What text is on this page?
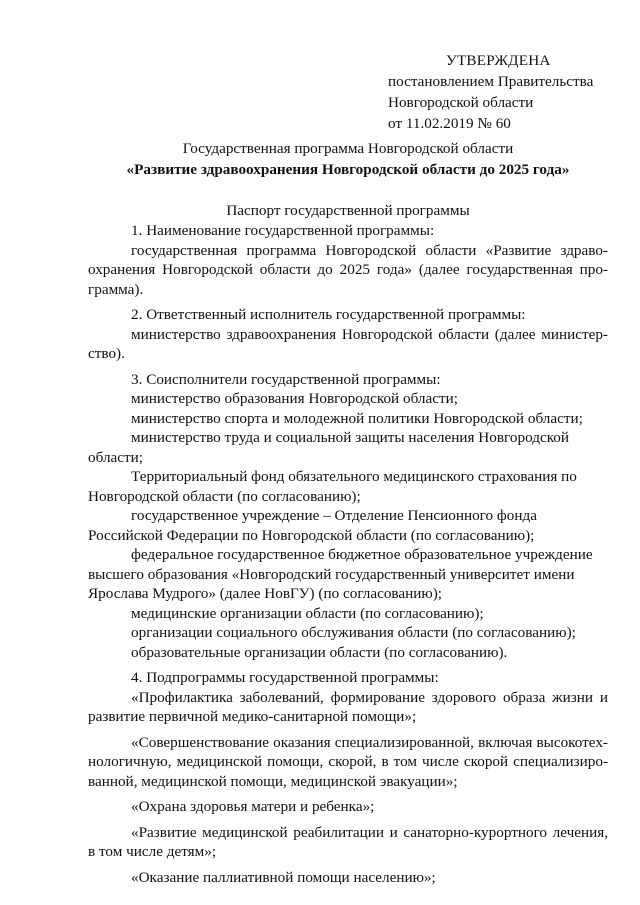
УТВЕРЖДЕНА
постановлением Правительства
Новгородской области
от 11.02.2019 № 60
Государственная программа Новгородской области
«Развитие здравоохранения Новгородской области до 2025 года»
Паспорт государственной программы

1. Наименование государственной программы:

государственная программа Новгородской области «Развитие здраво-охранения Новгородской области до 2025 года» (далее государственная про-грамма).

2. Ответственный исполнитель государственной программы:

министерство здравоохранения Новгородской области (далее министер-ство).

3. Соисполнители государственной программы:

министерство образования Новгородской области;

министерство спорта и молодежной политики Новгородской области;

министерство труда и социальной защиты населения Новгородской области;

Территориальный фонд обязательного медицинского страхования по Новгородской области (по согласованию);

государственное учреждение – Отделение Пенсионного фонда Российской Федерации по Новгородской области (по согласованию);

федеральное государственное бюджетное образовательное учреждение высшего образования «Новгородский государственный университет имени Ярослава Мудрого» (далее НовГУ) (по согласованию);

медицинские организации области (по согласованию);

организации социального обслуживания области (по согласованию);

образовательные организации области (по согласованию).

4. Подпрограммы государственной программы:

«Профилактика заболеваний, формирование здорового образа жизни и развитие первичной медико-санитарной помощи»;

«Совершенствование оказания специализированной, включая высокотех-нологичную, медицинской помощи, скорой, в том числе скорой специализиро-ванной, медицинской помощи, медицинской эвакуации»;

«Охрана здоровья матери и ребенка»;

«Развитие медицинской реабилитации и санаторно-курортного лечения, в том числе детям»;

«Оказание паллиативной помощи населению»;
